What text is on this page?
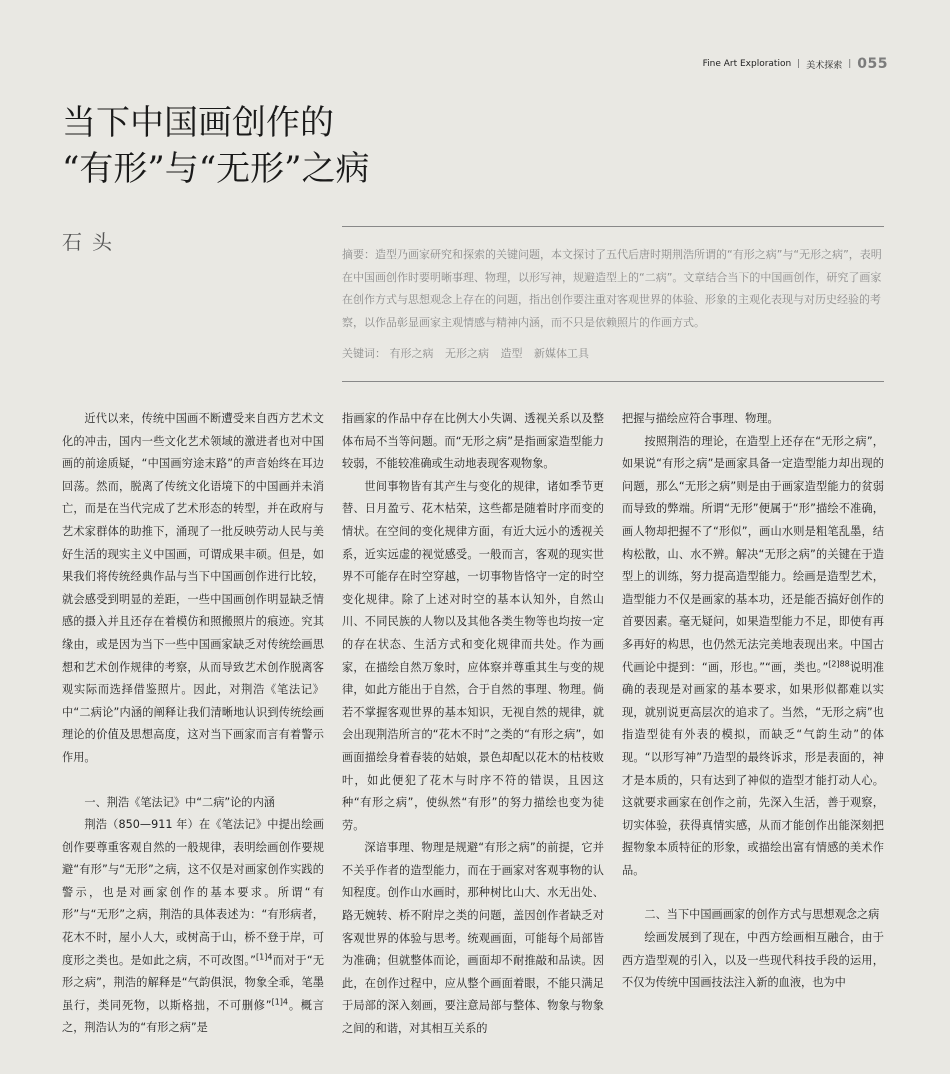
Fine Art Exploration | 美术探索 | 055
当下中国画创作的
“有形”与“无形”之病
石头
摘要：造型乃画家研究和探索的关键问题，本文探讨了五代后唐时期荆浩所谓的“有形之病”与“无形之病”，表明在中国画创作时要明晰事理、物理，以形写神，规避造型上的“二病”。文章结合当下的中国画创作，研究了画家在创作方式与思想观念上存在的问题，指出创作要注重对客观世界的体验、形象的主观化表现与对历史经验的考察，以作品彰显画家主观情感与精神内涵，而不只是依赖照片的作画方式。
关键词： 有形之病 无形之病 造型 新媒体工具

近代以来，传统中国画不断遭受来自西方艺术文化的冲击，国内一些文化艺术领域的激进者也对中国画的前途质疑，“中国画穷途末路”的声音始终在耳边回荡。然而，脱离了传统文化语境下的中国画并未消亡，而是在当代完成了艺术形态的转型，并在政府与艺术家群体的助推下，涌现了一批反映劳动人民与美好生活的现实主义中国画，可谓成果丰硕。但是，如果我们将传统经典作品与当下中国画创作进行比较，就会感受到明显的差距，一些中国画创作明显缺乏情感的摄入并且还存在着模仿和照搬照片的痕迹。究其缘由，或是因为当下一些中国画家缺乏对传统绘画思想和艺术创作规律的考察，从而导致艺术创作脱离客观实际而选择借鉴照片。因此，对荆浩《笔法记》中“二病论”内涵的阐释让我们清晰地认识到传统绘画理论的价值及思想高度，这对当下画家而言有着警示作用。

一、荆浩《笔法记》中“二病”论的内涵

荆浩（850—911 年）在《笔法记》中提出绘画创作要尊重客观自然的一般规律，表明绘画创作要规避“有形”与“无形”之病，这不仅是对画家创作实践的警示，也是对画家创作的基本要求。所谓“有形”与“无形”之病，荆浩的具体表述为：“有形病者，花木不时，屋小人大，或树高于山，桥不登于岸，可度形之类也。是如此之病，不可改图。”$^{[1]4}$而对于“无形之病”，荆浩的解释是“气韵俱泯，物象全乖，笔墨虽行，类同死物，以斯格拙，不可删修”$^{[1]4}$。概言之，荆浩认为的“有形之病”是

指画家的作品中存在比例大小失调、透视关系以及整体布局不当等问题。而“无形之病”是指画家造型能力较弱，不能较准确或生动地表现客观物象。

世间事物皆有其产生与变化的规律，诸如季节更替、日月盈亏、花木枯荣，这些都是随着时序而变的情状。在空间的变化规律方面，有近大远小的透视关系，近实远虚的视觉感受。一般而言，客观的现实世界不可能存在时空穿越，一切事物皆恪守一定的时空变化规律。除了上述对时空的基本认知外，自然山川、不同民族的人物以及其他各类生物等也均按一定的存在状态、生活方式和变化规律而共处。作为画家，在描绘自然万象时，应体察并尊重其生与变的规律，如此方能出于自然，合于自然的事理、物理。倘若不掌握客观世界的基本知识，无视自然的规律，就会出现荆浩所言的“花木不时”之类的“有形之病”，如画面描绘身着春装的姑娘，景色却配以花木的枯枝败叶，如此便犯了花木与时序不符的错误，且因这种“有形之病”，使纵然“有形”的努力描绘也变为徒劳。

深谙事理、物理是规避“有形之病”的前提，它并不关乎作者的造型能力，而在于画家对客观事物的认知程度。创作山水画时，那种树比山大、水无出处、路无婉转、桥不附岸之类的问题，盖因创作者缺乏对客观世界的体验与思考。统观画面，可能每个局部皆为准确；但就整体而论，画面却不耐推敲和品读。因此，在创作过程中，应从整个画面着眼，不能只满足于局部的深入刻画，要注意局部与整体、物象与物象之间的和谐，对其相互关系的

把握与描绘应符合事理、物理。

按照荆浩的理论，在造型上还存在“无形之病”，如果说“有形之病”是画家具备一定造型能力却出现的问题，那么“无形之病”则是由于画家造型能力的贫弱而导致的弊端。所谓“无形”便属于“形”描绘不准确，画人物却把握不了“形似”，画山水则是粗笔乱墨，结构松散，山、水不辨。解决“无形之病”的关键在于造型上的训练，努力提高造型能力。绘画是造型艺术，造型能力不仅是画家的基本功，还是能否搞好创作的首要因素。毫无疑问，如果造型能力不足，即使有再多再好的构思，也仍然无法完美地表现出来。中国古代画论中提到：“画，形也。”“画，类也。”$^{[2]88}$说明准确的表现是对画家的基本要求，如果形似都难以实现，就别说更高层次的追求了。当然，“无形之病”也指造型徒有外表的模拟，而缺乏“气韵生动”的体现。“以形写神”乃造型的最终诉求，形是表面的，神才是本质的，只有达到了神似的造型才能打动人心。这就要求画家在创作之前，先深入生活，善于观察，切实体验，获得真情实感，从而才能创作出能深刻把握物象本质特征的形象，或描绘出富有情感的美术作品。

二、当下中国画画家的创作方式与思想观念之病

绘画发展到了现在，中西方绘画相互融合，由于西方造型观的引入，以及一些现代科技手段的运用，不仅为传统中国画技法注入新的血液，也为中
